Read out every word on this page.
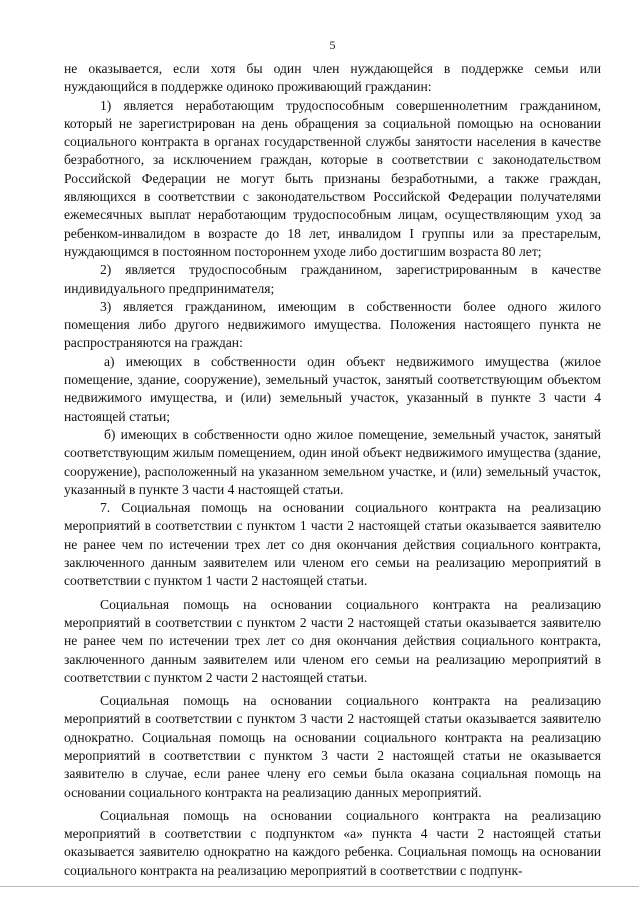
5

не оказывается, если хотя бы один член нуждающейся в поддержке семьи или нуждающийся в поддержке одиноко проживающий гражданин:

1) является неработающим трудоспособным совершеннолетним гражданином, который не зарегистрирован на день обращения за социальной помощью на основании социального контракта в органах государственной службы занятости населения в качестве безработного, за исключением граждан, которые в соответствии с законодательством Российской Федерации не могут быть признаны безработными, а также граждан, являющихся в соответствии с законодательством Российской Федерации получателями ежемесячных выплат неработающим трудоспособным лицам, осуществляющим уход за ребенком-инвалидом в возрасте до 18 лет, инвалидом I группы или за престарелым, нуждающимся в постоянном постороннем уходе либо достигшим возраста 80 лет;

2) является трудоспособным гражданином, зарегистрированным в качестве индивидуального предпринимателя;

3) является гражданином, имеющим в собственности более одного жилого помещения либо другого недвижимого имущества. Положения настоящего пункта не распространяются на граждан:

а) имеющих в собственности один объект недвижимого имущества (жилое помещение, здание, сооружение), земельный участок, занятый соответствующим объектом недвижимого имущества, и (или) земельный участок, указанный в пункте 3 части 4 настоящей статьи;

б) имеющих в собственности одно жилое помещение, земельный участок, занятый соответствующим жилым помещением, один иной объект недвижимого имущества (здание, сооружение), расположенный на указанном земельном участке, и (или) земельный участок, указанный в пункте 3 части 4 настоящей статьи.

7. Социальная помощь на основании социального контракта на реализацию мероприятий в соответствии с пунктом 1 части 2 настоящей статьи оказывается заявителю не ранее чем по истечении трех лет со дня окончания действия социального контракта, заключенного данным заявителем или членом его семьи на реализацию мероприятий в соответствии с пунктом 1 части 2 настоящей статьи.

Социальная помощь на основании социального контракта на реализацию мероприятий в соответствии с пунктом 2 части 2 настоящей статьи оказывается заявителю не ранее чем по истечении трех лет со дня окончания действия социального контракта, заключенного данным заявителем или членом его семьи на реализацию мероприятий в соответствии с пунктом 2 части 2 настоящей статьи.

Социальная помощь на основании социального контракта на реализацию мероприятий в соответствии с пунктом 3 части 2 настоящей статьи оказывается заявителю однократно. Социальная помощь на основании социального контракта на реализацию мероприятий в соответствии с пунктом 3 части 2 настоящей статьи не оказывается заявителю в случае, если ранее члену его семьи была оказана социальная помощь на основании социального контракта на реализацию данных мероприятий.

Социальная помощь на основании социального контракта на реализацию мероприятий в соответствии с подпунктом «а» пункта 4 части 2 настоящей статьи оказывается заявителю однократно на каждого ребенка. Социальная помощь на основании социального контракта на реализацию мероприятий в соответствии с подпунк-
